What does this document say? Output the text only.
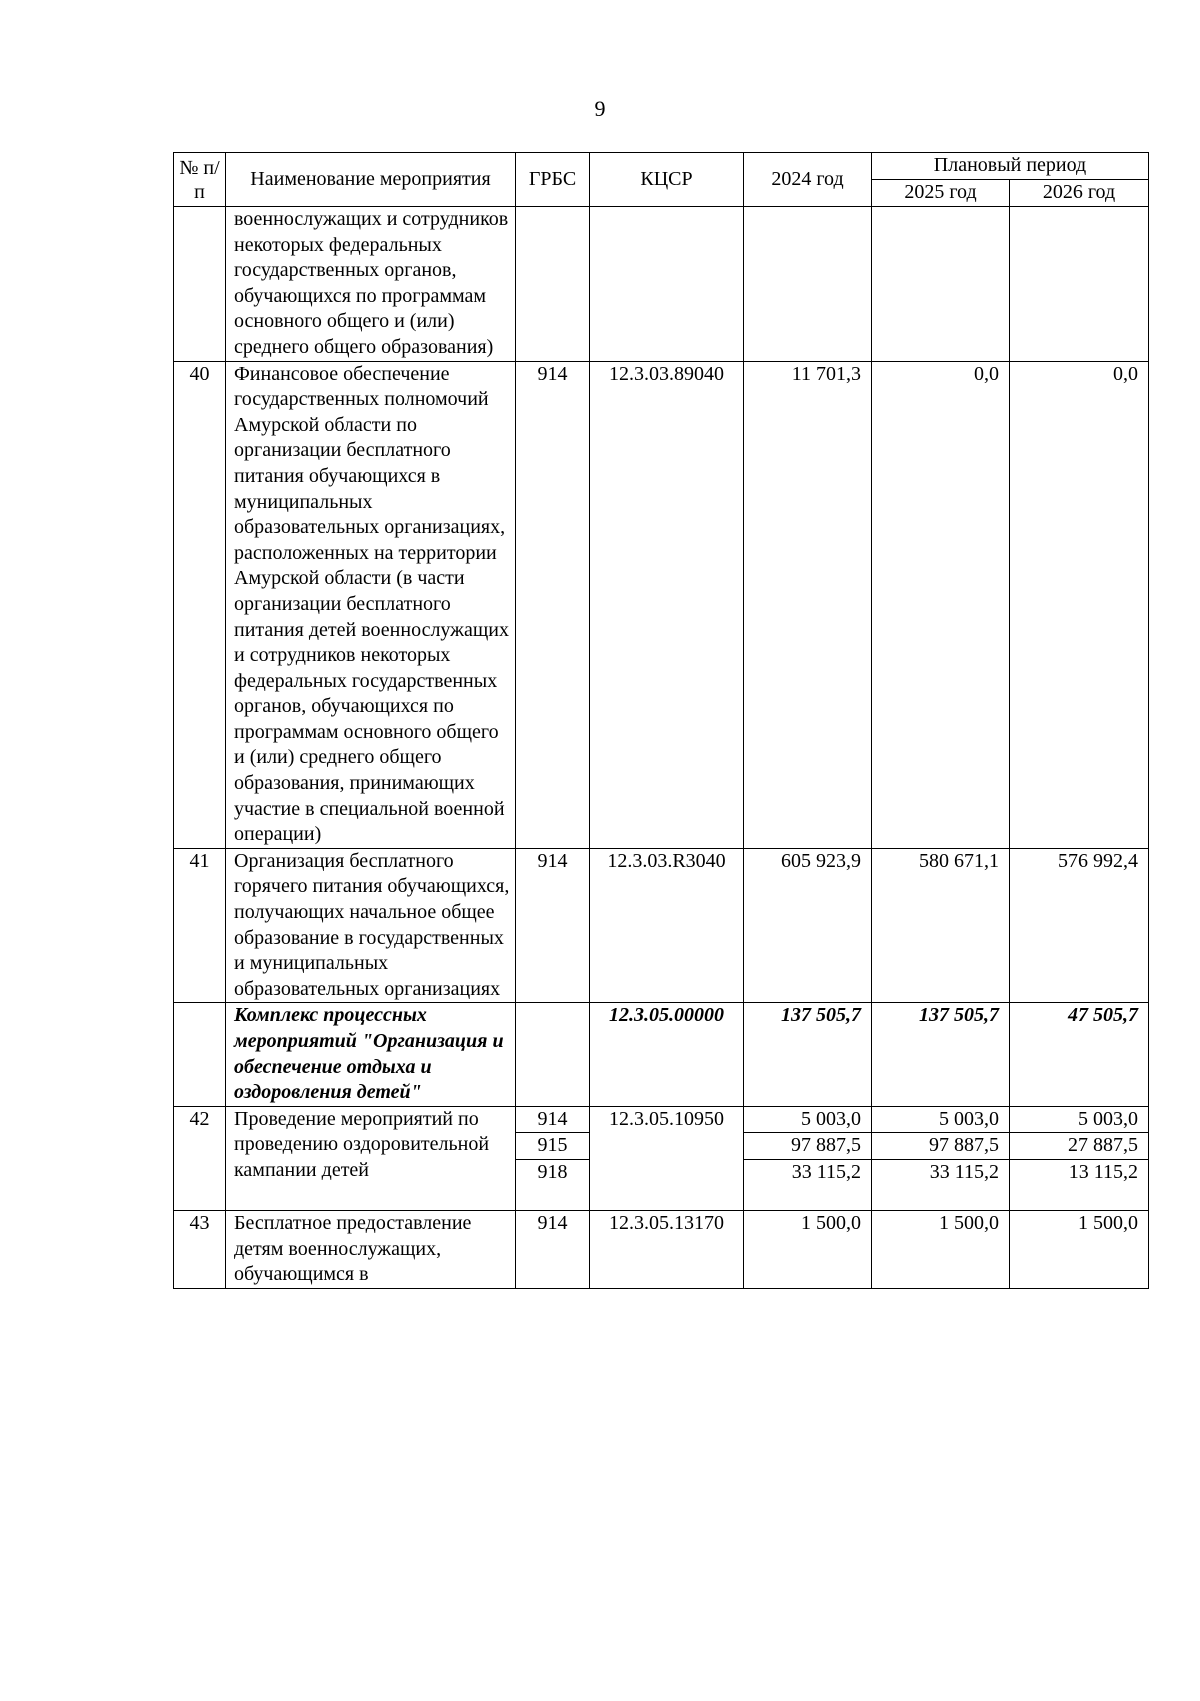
9
№ п/п	Наименование мероприятия	ГРБС	КЦСР	2024 год	Плановый период	
					2025 год	2026 год
	военнослужащих и сотрудников некоторых федеральных государственных органов, обучающихся по программам основного общего и (или) среднего общего образования)					
40	Финансовое обеспечение государственных полномочий Амурской области по организации бесплатного питания обучающихся в муниципальных образовательных организациях, расположенных на территории Амурской области (в части организации бесплатного питания детей военнослужащих и сотрудников некоторых федеральных государственных органов, обучающихся по программам основного общего и (или) среднего общего образования, принимающих участие в специальной военной операции)	914	12.3.03.89040	11 701,3	0,0	0,0
41	Организация бесплатного горячего питания обучающихся, получающих начальное общее образование в государственных и муниципальных образовательных организациях	914	12.3.03.R3040	605 923,9	580 671,1	576 992,4
	Комплекс процессных мероприятий "Организация и обеспечение отдыха и оздоровления детей"		12.3.05.00000	137 505,7	137 505,7	47 505,7
42	Проведение мероприятий по проведению оздоровительной кампании детей	914	12.3.05.10950	5 003,0	5 003,0	5 003,0
		915		97 887,5	97 887,5	27 887,5
		918		33 115,2	33 115,2	13 115,2
43	Бесплатное предоставление детям военнослужащих, обучающимся в	914	12.3.05.13170	1 500,0	1 500,0	1 500,0
